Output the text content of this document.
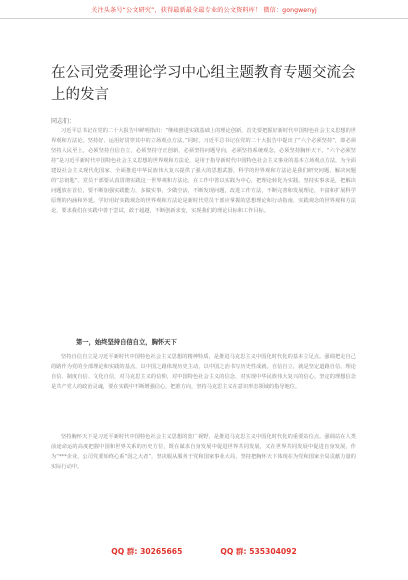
关注头条号“公文研究”，获得最新最全最专业的公文资料库！ 微信：gongwenyj
在公司党委理论学习中心组主题教育专题交流会上的发言
同志们：

习近平总书记在党的二十大报告中鲜明指出：“继续推进实践基础上的理论创新，首先要把握好新时代中国特色社会主义思想的世界观和方法论。坚持好、运用好贯穿其中的立场观点方法。”同时，习近平总书记在党的二十大报告中提出了“六个必须坚持”，即必须坚持人民至上，必须坚持自信自立，必须坚持守正创新，必须坚持问题导向，必须坚持系统观念，必须坚持胸怀天下。“六个必须坚持”是习近平新时代中国特色社会主义思想的世界观和方法论，是用于指导新时代中国特色社会主义事业的基本立场观点方法，为全面建设社会主义现代化国家、全面推进中华民族伟大复兴提供了强大的思想武器，科学的世界观和方法论是我们研究问题、解决问题的“总钥匙”。党员干部要认真贯彻实践这一世界观和方法论，在工作中善以实践为中心，把理论转化为实践。坚持实事求是，把解决问题放在首位，要不断加强实践能力，多做实事，少做空活，不断发现问题，改进工作方法，不断完善和发展理论，丰富和扩展科学原理的内涵和外延。学好用好实践观念的世界观和方法论是新时代党员干部应掌握的思想理论和行动指南，实践观念的世界观和方法论，要求我们在实践中善于尝试，敢于超越，不断创新求变，实现我们的理论目标和工作目标。

第一，始终坚持自信自立，胸怀天下

坚持自信自立是习近平新时代中国特色社会主义思想的精神特质，是推进马克思主义中国化时代化的基本立足点。强调把走自己的路作为党的全部理论和实践的基点，以中国之路体现历史主动，以中国之治书写历史性成就。自信自立，就是坚定道路自信、理论自信、制度自信、文化自信，对马克思主义的信仰，对中国特色社会主义的信念，对实现中华民族伟大复兴的信心。坚定的理想信念是共产党人的政治灵魂，要在实践中不断增强信心，把准方向，坚持马克思主义在意识形态领域的指导地位。

坚持胸怀天下是习近平新时代中国特色社会主义思想的宽广视野，是推进马克思主义中国化时代化的重要站位点。强调站在人类前途命运的高度把握中国和世界关系的历史方位，既在谋求自身发展中促进世界共同发展，又在世界共同发展中促进自身发展，作为“***企业，公司党委始终心系“国之大者”，坚决服从服务于党和国家事业大局，坚持把胸怀天下体现在为党和国家全局贡献力量的实际行动中。

QQ 群: 30265665	QQ 群: 535304092
